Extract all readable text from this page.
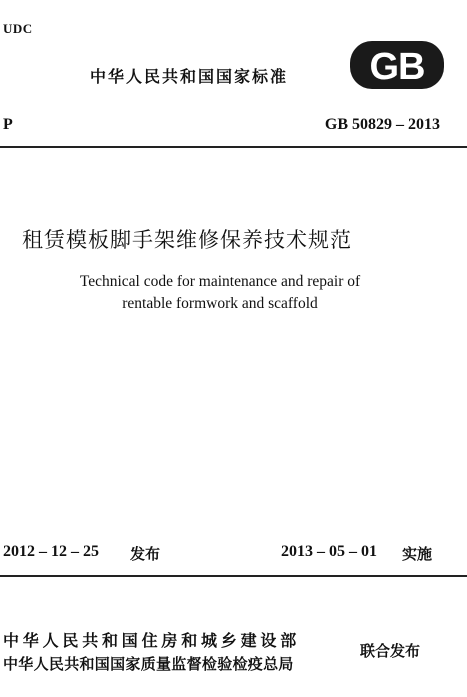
UDC
中华人民共和国国家标准 GB
P	GB 50829 – 2013
租赁模板脚手架维修保养技术规范
Technical code for maintenance and repair of
rentable formwork and scaffold
2012 – 12 – 25 发布	2013 – 05 – 01 实施
中华人民共和国住房和城乡建设部
中华人民共和国国家质量监督检验检疫总局
联合发布
